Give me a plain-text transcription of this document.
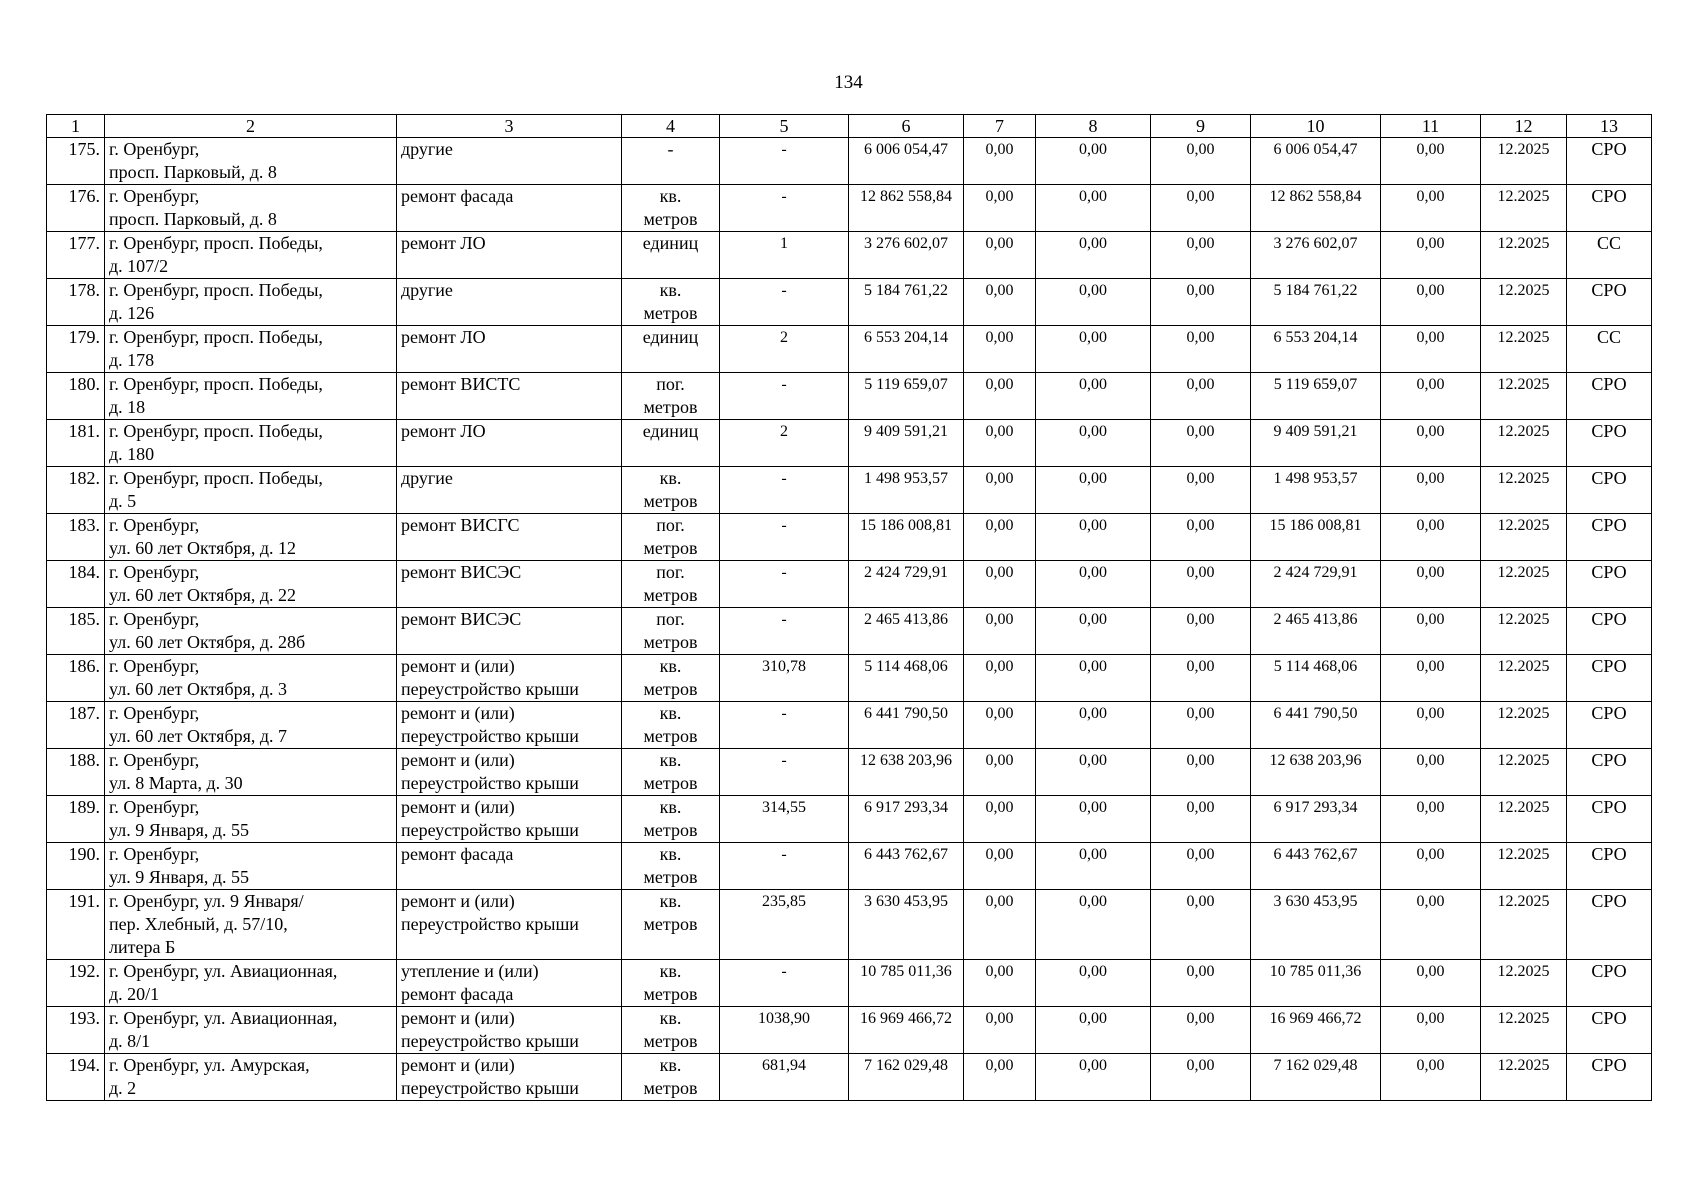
134
1	2	3	4	5	6	7	8	9	10	11	12	13
175.	г. Оренбург,
просп. Парковый, д. 8	другие	-	-	6 006 054,47	0,00	0,00	0,00	6 006 054,47	0,00	12.2025	СРО
176.	г. Оренбург,
просп. Парковый, д. 8	ремонт фасада	кв.
метров	-	12 862 558,84	0,00	0,00	0,00	12 862 558,84	0,00	12.2025	СРО
177.	г. Оренбург, просп. Победы,
д. 107/2	ремонт ЛО	единиц	1	3 276 602,07	0,00	0,00	0,00	3 276 602,07	0,00	12.2025	СС
178.	г. Оренбург, просп. Победы,
д. 126	другие	кв.
метров	-	5 184 761,22	0,00	0,00	0,00	5 184 761,22	0,00	12.2025	СРО
179.	г. Оренбург, просп. Победы,
д. 178	ремонт ЛО	единиц	2	6 553 204,14	0,00	0,00	0,00	6 553 204,14	0,00	12.2025	СС
180.	г. Оренбург, просп. Победы,
д. 18	ремонт ВИСТС	пог.
метров	-	5 119 659,07	0,00	0,00	0,00	5 119 659,07	0,00	12.2025	СРО
181.	г. Оренбург, просп. Победы,
д. 180	ремонт ЛО	единиц	2	9 409 591,21	0,00	0,00	0,00	9 409 591,21	0,00	12.2025	СРО
182.	г. Оренбург, просп. Победы,
д. 5	другие	кв.
метров	-	1 498 953,57	0,00	0,00	0,00	1 498 953,57	0,00	12.2025	СРО
183.	г. Оренбург,
ул. 60 лет Октября, д. 12	ремонт ВИСГС	пог.
метров	-	15 186 008,81	0,00	0,00	0,00	15 186 008,81	0,00	12.2025	СРО
184.	г. Оренбург,
ул. 60 лет Октября, д. 22	ремонт ВИСЭС	пог.
метров	-	2 424 729,91	0,00	0,00	0,00	2 424 729,91	0,00	12.2025	СРО
185.	г. Оренбург,
ул. 60 лет Октября, д. 28б	ремонт ВИСЭС	пог.
метров	-	2 465 413,86	0,00	0,00	0,00	2 465 413,86	0,00	12.2025	СРО
186.	г. Оренбург,
ул. 60 лет Октября, д. 3	ремонт и (или)
переустройство крыши	кв.
метров	310,78	5 114 468,06	0,00	0,00	0,00	5 114 468,06	0,00	12.2025	СРО
187.	г. Оренбург,
ул. 60 лет Октября, д. 7	ремонт и (или)
переустройство крыши	кв.
метров	-	6 441 790,50	0,00	0,00	0,00	6 441 790,50	0,00	12.2025	СРО
188.	г. Оренбург,
ул. 8 Марта, д. 30	ремонт и (или)
переустройство крыши	кв.
метров	-	12 638 203,96	0,00	0,00	0,00	12 638 203,96	0,00	12.2025	СРО
189.	г. Оренбург,
ул. 9 Января, д. 55	ремонт и (или)
переустройство крыши	кв.
метров	314,55	6 917 293,34	0,00	0,00	0,00	6 917 293,34	0,00	12.2025	СРО
190.	г. Оренбург,
ул. 9 Января, д. 55	ремонт фасада	кв.
метров	-	6 443 762,67	0,00	0,00	0,00	6 443 762,67	0,00	12.2025	СРО
191.	г. Оренбург, ул. 9 Января/
пер. Хлебный, д. 57/10,
литера Б	ремонт и (или)
переустройство крыши	кв.
метров	235,85	3 630 453,95	0,00	0,00	0,00	3 630 453,95	0,00	12.2025	СРО
192.	г. Оренбург, ул. Авиационная,
д. 20/1	утепление и (или)
ремонт фасада	кв.
метров	-	10 785 011,36	0,00	0,00	0,00	10 785 011,36	0,00	12.2025	СРО
193.	г. Оренбург, ул. Авиационная,
д. 8/1	ремонт и (или)
переустройство крыши	кв.
метров	1038,90	16 969 466,72	0,00	0,00	0,00	16 969 466,72	0,00	12.2025	СРО
194.	г. Оренбург, ул. Амурская,
д. 2	ремонт и (или)
переустройство крыши	кв.
метров	681,94	7 162 029,48	0,00	0,00	0,00	7 162 029,48	0,00	12.2025	СРО
